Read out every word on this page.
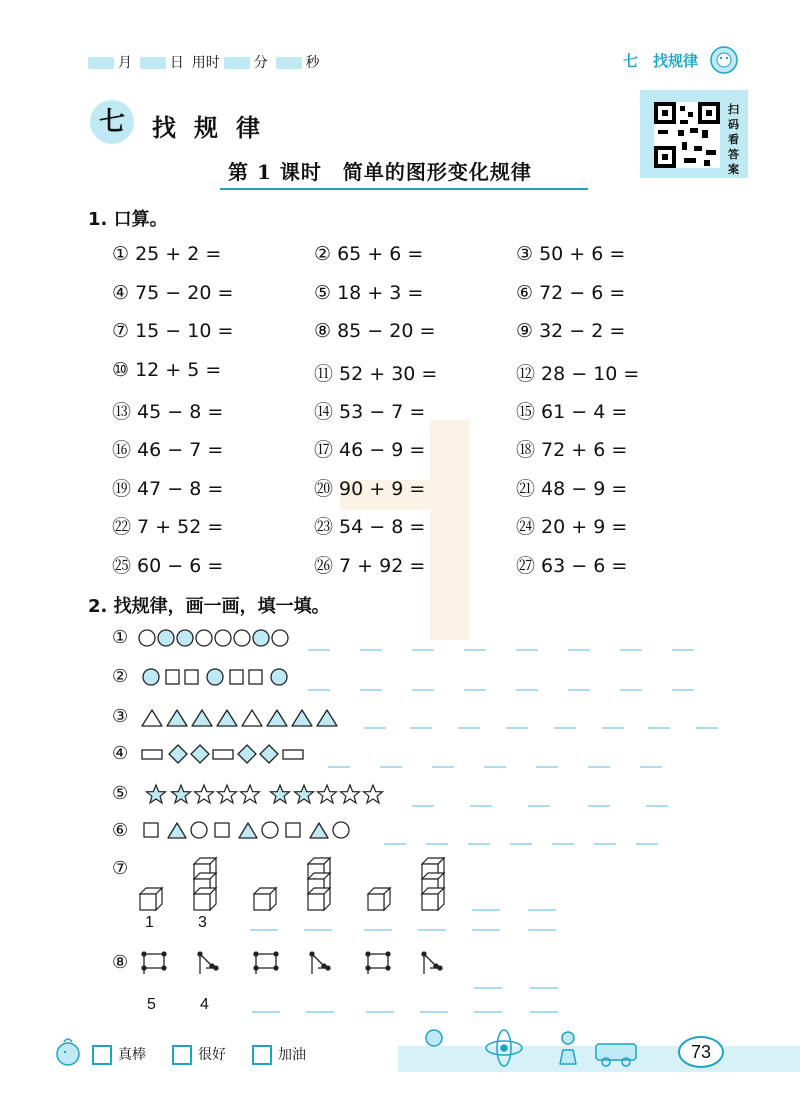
月	日 用时 分	秒	七　找规律
七	找规律
第 1 课时　简单的图形变化规律
扫码看答案
1. 口算。
① 25 + 2 =	② 65 + 6 =	③ 50 + 6 =
④ 75 − 20 =	⑤ 18 + 3 =	⑥ 72 − 6 =
⑦ 15 − 10 =	⑧ 85 − 20 =	⑨ 32 − 2 =
⑩ 12 + 5 =	⑪ 52 + 30 =	⑫ 28 − 10 =
⑬ 45 − 8 =	⑭ 53 − 7 =	⑮ 61 − 4 =
⑯ 46 − 7 =	⑰ 46 − 9 =	⑱ 72 + 6 =
⑲ 47 − 8 =	⑳ 90 + 9 =	㉑ 48 − 9 =
㉒ 7 + 52 =	㉓ 54 − 8 =	㉔ 20 + 9 =
㉕ 60 − 6 =	㉖ 7 + 92 =	㉗ 63 − 6 =
2. 找规律，画一画，填一填。
①
②
③
④
⑤
⑥
⑦
⑧
1	3
5	4
真棒	很好	加油	73
